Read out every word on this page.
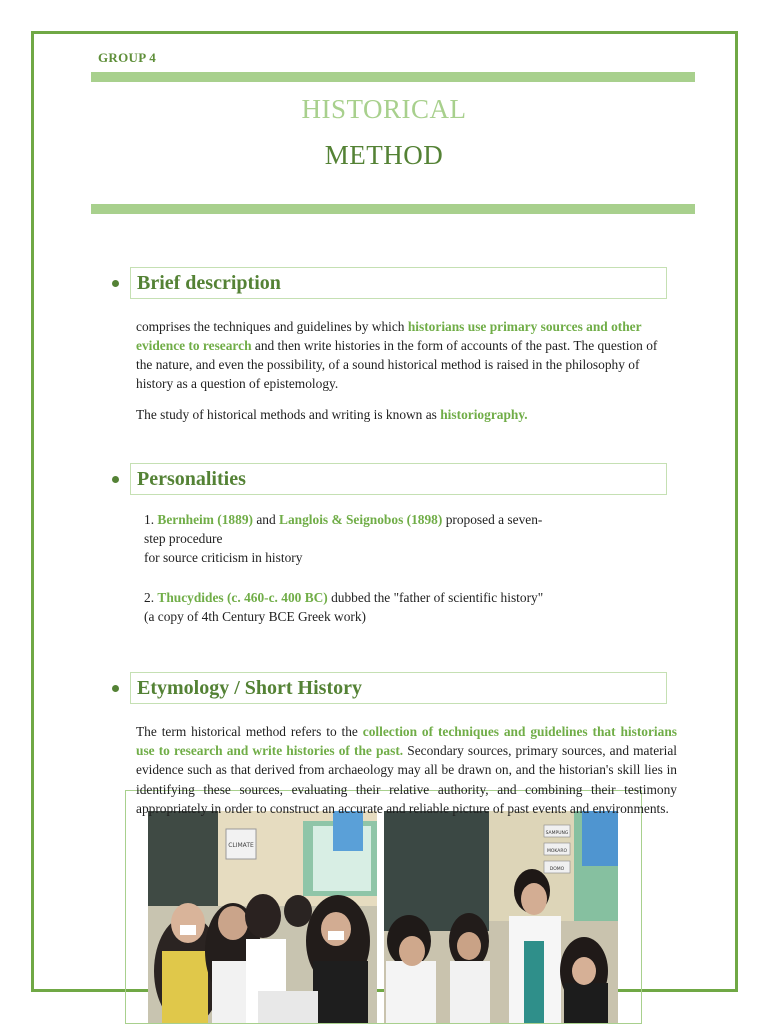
GROUP 4
HISTORICAL
METHOD
Brief description
comprises the techniques and guidelines by which historians use primary sources and other evidence to research and then write histories in the form of accounts of the past. The question of the nature, and even the possibility, of a sound historical method is raised in the philosophy of history as a question of epistemology.
The study of historical methods and writing is known as historiography.
Personalities
1. Bernheim (1889) and Langlois & Seignobos (1898) proposed a seven-
step procedure
for source criticism in history
2. Thucydides (c. 460-c. 400 BC) dubbed the "father of scientific history"
(a copy of 4th Century BCE Greek work)
Etymology / Short History
CLIMATE
SAMPUNG
MOKARO
DOMO
The term historical method refers to the collection of techniques and guidelines that historians use to research and write histories of the past. Secondary sources, primary sources, and material evidence such as that derived from archaeology may all be drawn on, and the historian's skill lies in identifying these sources, evaluating their relative authority, and combining their testimony appropriately in order to construct an accurate and reliable picture of past events and environments.
